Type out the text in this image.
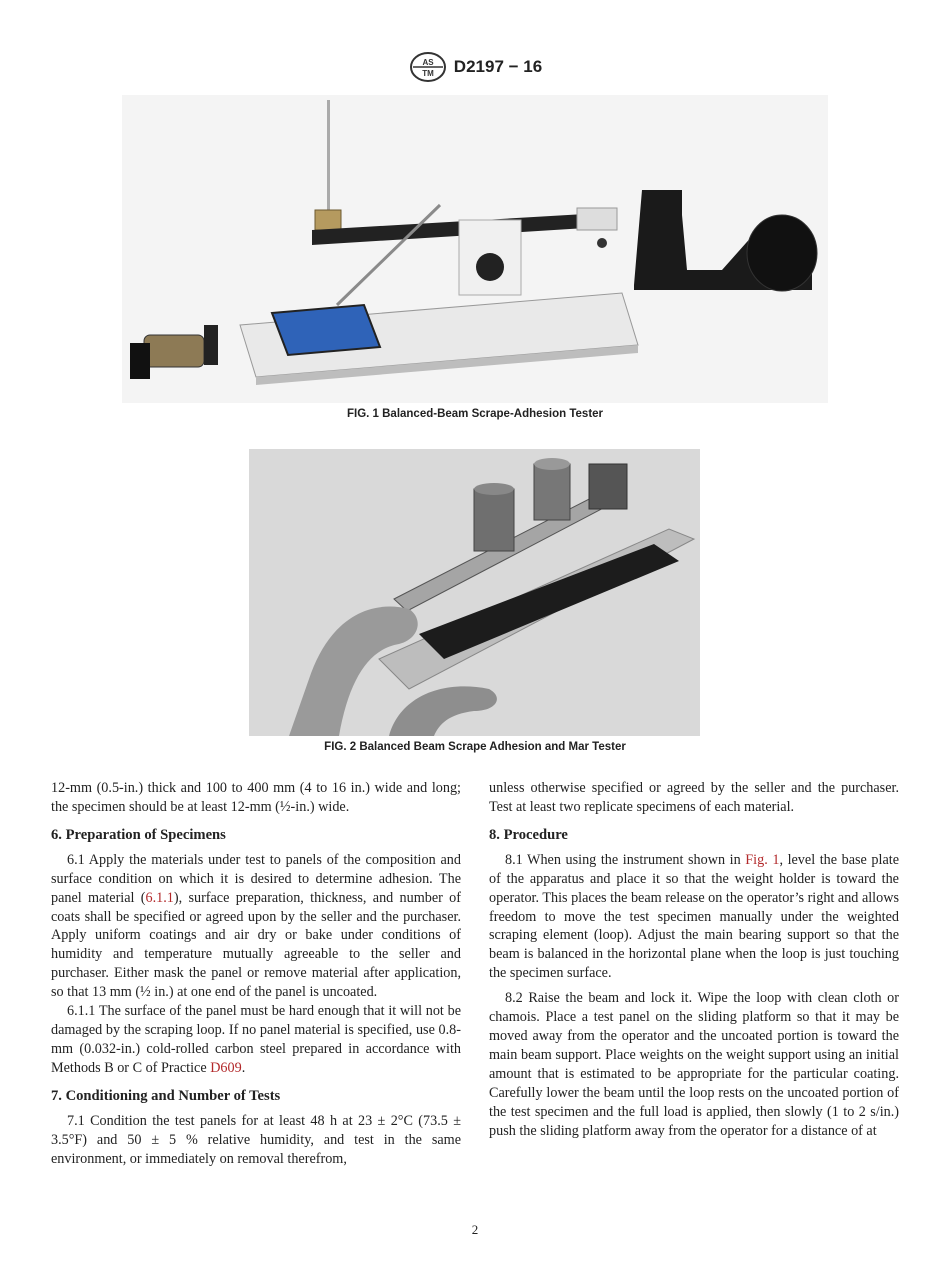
AS
TM D2197 − 16
FIG. 1 Balanced-Beam Scrape-Adhesion Tester
FIG. 2 Balanced Beam Scrape Adhesion and Mar Tester

12-mm (0.5-in.) thick and 100 to 400 mm (4 to 16 in.) wide and long; the specimen should be at least 12-mm (½-in.) wide.

6. Preparation of Specimens

6.1 Apply the materials under test to panels of the composition and surface condition on which it is desired to determine adhesion. The panel material (6.1.1), surface preparation, thickness, and number of coats shall be specified or agreed upon by the seller and the purchaser. Apply uniform coatings and air dry or bake under conditions of humidity and temperature mutually agreeable to the seller and purchaser. Either mask the panel or remove material after application, so that 13 mm (½ in.) at one end of the panel is uncoated.

6.1.1 The surface of the panel must be hard enough that it will not be damaged by the scraping loop. If no panel material is specified, use 0.8-mm (0.032-in.) cold-rolled carbon steel prepared in accordance with Methods B or C of Practice D609.

7. Conditioning and Number of Tests

7.1 Condition the test panels for at least 48 h at 23 ± 2°C (73.5 ± 3.5°F) and 50 ± 5 % relative humidity, and test in the same environment, or immediately on removal therefrom,

unless otherwise specified or agreed by the seller and the purchaser. Test at least two replicate specimens of each material.

8. Procedure

8.1 When using the instrument shown in Fig. 1, level the base plate of the apparatus and place it so that the weight holder is toward the operator. This places the beam release on the operator’s right and allows freedom to move the test specimen manually under the weighted scraping element (loop). Adjust the main bearing support so that the beam is balanced in the horizontal plane when the loop is just touching the specimen surface.

8.2 Raise the beam and lock it. Wipe the loop with clean cloth or chamois. Place a test panel on the sliding platform so that it may be moved away from the operator and the uncoated portion is toward the main beam support. Place weights on the weight support using an initial amount that is estimated to be appropriate for the particular coating. Carefully lower the beam until the loop rests on the uncoated portion of the test specimen and the full load is applied, then slowly (1 to 2 s/in.) push the sliding platform away from the operator for a distance of at

2
